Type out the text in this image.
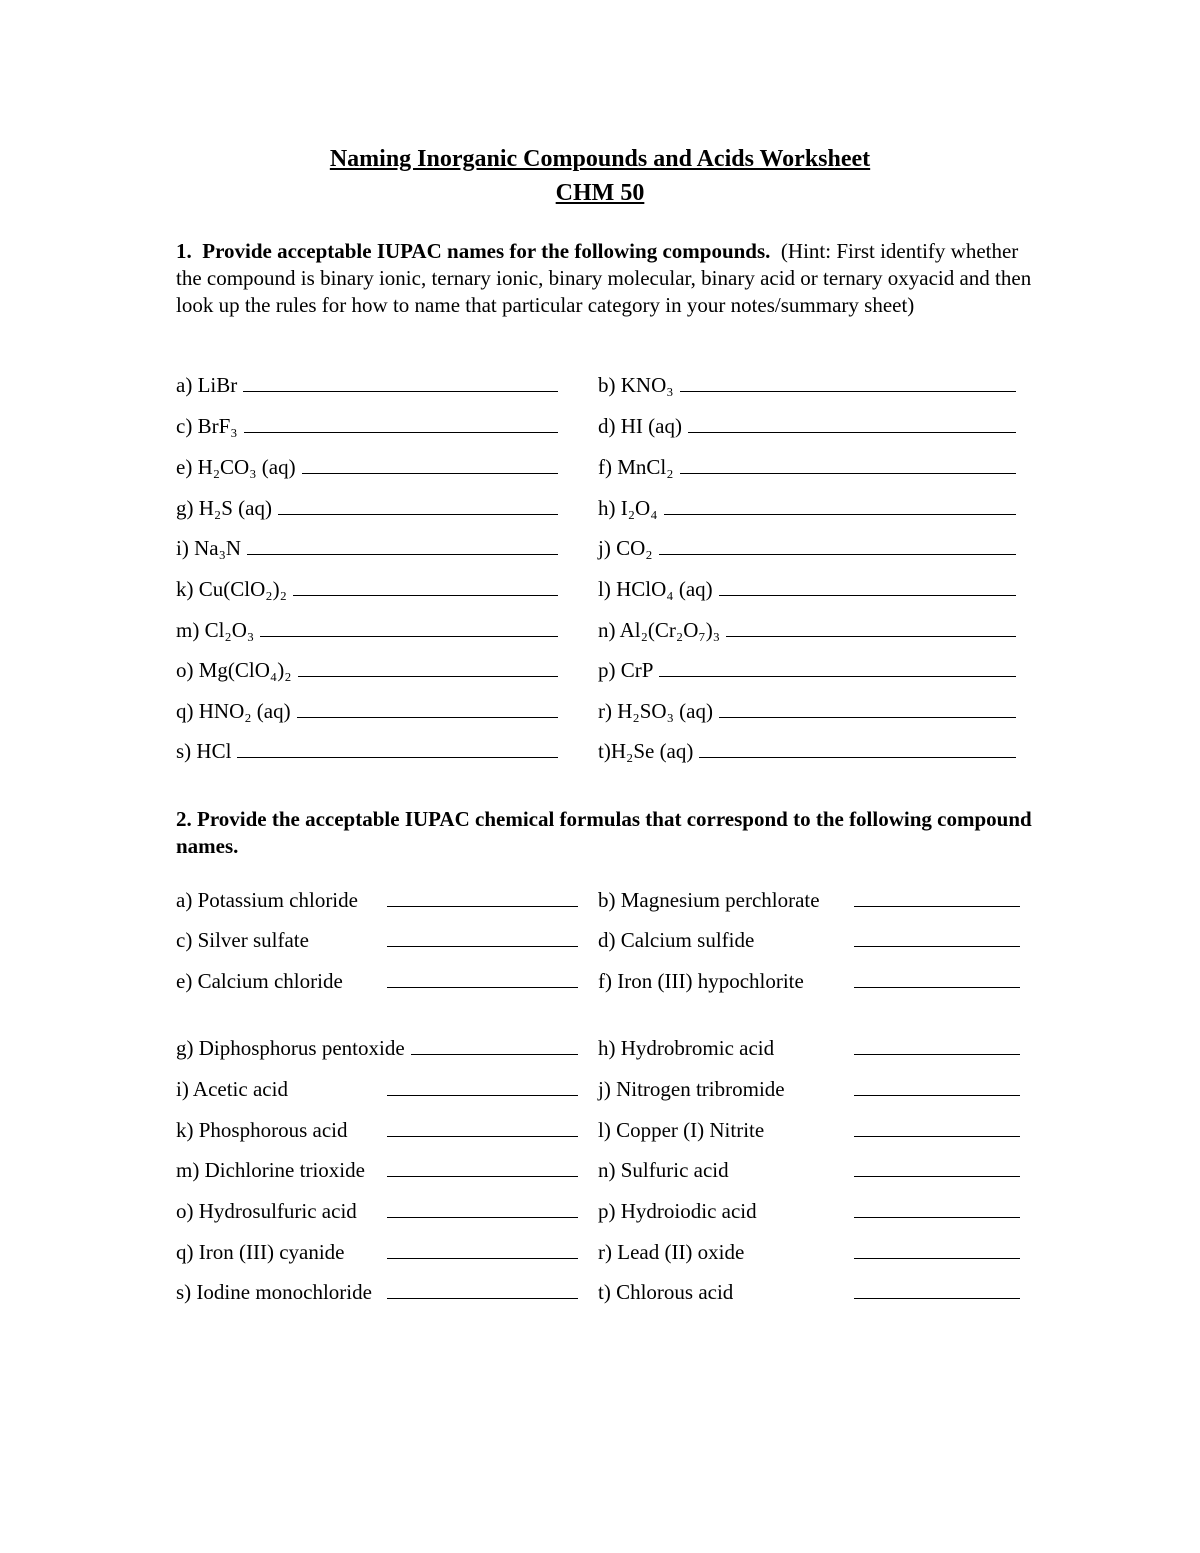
Naming Inorganic Compounds and Acids Worksheet
CHM 50
1. Provide acceptable IUPAC names for the following compounds. (Hint: First identify whether the compound is binary ionic, ternary ionic, binary molecular, binary acid or ternary oxyacid and then look up the rules for how to name that particular category in your notes/summary sheet)
a) LiBr	b) KNO₃
c) BrF₃	d) HI (aq)
e) H₂CO₃ (aq)	f) MnCl₂
g) H₂S (aq)	h) I₂O₄
i) Na₃N	j) CO₂
k) Cu(ClO₂)₂	l) HClO₄ (aq)
m) Cl₂O₃	n) Al₂(Cr₂O₇)₃
o) Mg(ClO₄)₂	p) CrP
q) HNO₂ (aq)	r) H₂SO₃ (aq)
s) HCl	t)H₂Se (aq)
2. Provide the acceptable IUPAC chemical formulas that correspond to the following compound names.
a) Potassium chloride	b) Magnesium perchlorate
c) Silver sulfate	d) Calcium sulfide
e) Calcium chloride	f) Iron (III) hypochlorite
g) Diphosphorus pentoxide	h) Hydrobromic acid
i) Acetic acid	j) Nitrogen tribromide
k) Phosphorous acid	l) Copper (I) Nitrite
m) Dichlorine trioxide	n) Sulfuric acid
o) Hydrosulfuric acid	p) Hydroiodic acid
q) Iron (III) cyanide	r) Lead (II) oxide
s) Iodine monochloride	t) Chlorous acid
